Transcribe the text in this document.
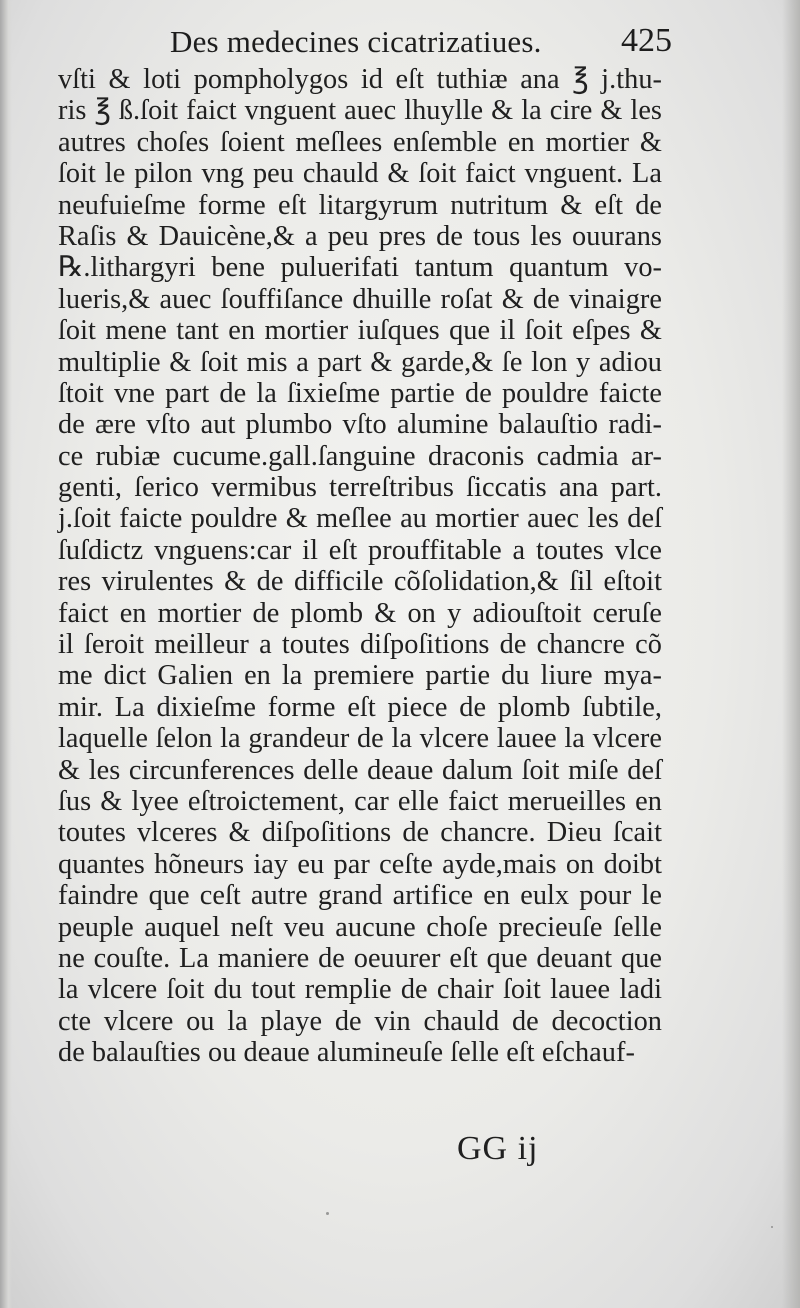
Des medecines cicatrizatiues. 425
vſti & loti pompholygos id eſt tuthiæ ana ℥ j.thu-
ris ℥ ß.ſoit faict vnguent auec lhuylle & la cire & les
autres choſes ſoient meſlees enſemble en mortier &
ſoit le pilon vng peu chauld & ſoit faict vnguent. La
neufuieſme forme eſt litargyrum nutritum & eſt de
Raſis & Dauicène,& a peu pres de tous les ouurans
℞.lithargyri bene puluerifati tantum quantum vo-
lueris,& auec ſouffiſance dhuille roſat & de vinaigre
ſoit mene tant en mortier iuſques que il ſoit eſpes &
multiplie & ſoit mis a part & garde,& ſe lon y adiou
ſtoit vne part de la ſixieſme partie de pouldre faicte
de ære vſto aut plumbo vſto alumine balauſtio radi-
ce rubiæ cucume.gall.ſanguine draconis cadmia ar-
genti, ſerico vermibus terreſtribus ſiccatis ana part.
j.ſoit faicte pouldre & meſlee au mortier auec les deſ
ſuſdictz vnguens:car il eſt prouffitable a toutes vlce
res virulentes & de difficile cõſolidation,& ſil eſtoit
faict en mortier de plomb & on y adiouſtoit ceruſe
il ſeroit meilleur a toutes diſpoſitions de chancre cõ
me dict Galien en la premiere partie du liure mya-
mir. La dixieſme forme eſt piece de plomb ſubtile,
laquelle ſelon la grandeur de la vlcere lauee la vlcere
& les circunferences delle deaue dalum ſoit miſe deſ
ſus & lyee eſtroictement, car elle faict merueilles en
toutes vlceres & diſpoſitions de chancre. Dieu ſcait
quantes hõneurs iay eu par ceſte ayde,mais on doibt
faindre que ceſt autre grand artifice en eulx pour le
peuple auquel neſt veu aucune choſe precieuſe ſelle
ne couſte. La maniere de oeuurer eſt que deuant que
la vlcere ſoit du tout remplie de chair ſoit lauee ladi
cte vlcere ou la playe de vin chauld de decoction
de balauſties ou deaue alumineuſe ſelle eſt eſchauf-
GG ij
